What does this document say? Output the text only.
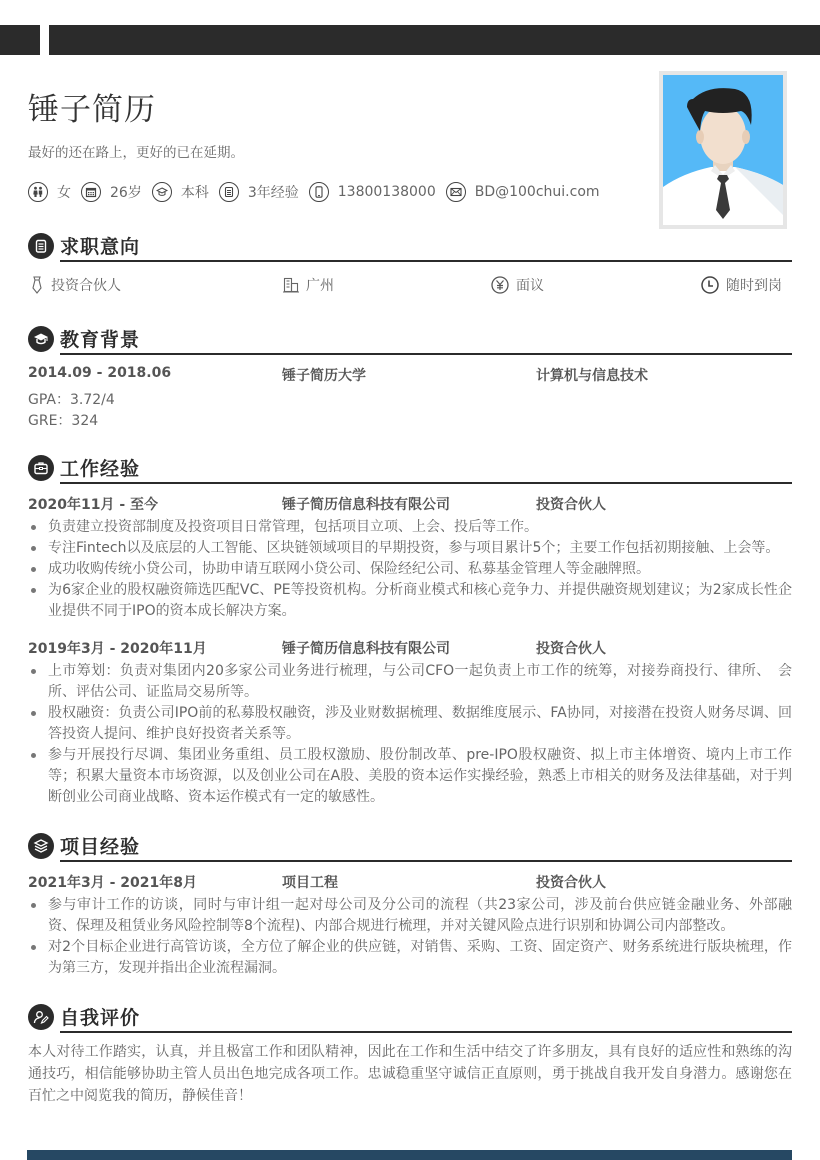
锤子简历
最好的还在路上，更好的已在延期。
女	26岁	本科	3年经验	13800138000	BD@100chui.com
求职意向
投资合伙人	广州	面议	随时到岗
教育背景
2014.09 - 2018.06	锤子简历大学	计算机与信息技术
GPA：3.72/4
GRE：324
工作经验
2020年11月 - 至今	锤子简历信息科技有限公司	投资合伙人
负责建立投资部制度及投资项目日常管理，包括项目立项、上会、投后等工作。
专注Fintech以及底层的人工智能、区块链领域项目的早期投资，参与项目累计5个；主要工作包括初期接触、上会等。
成功收购传统小贷公司，协助申请互联网小贷公司、保险经纪公司、私募基金管理人等金融牌照。
为6家企业的股权融资筛选匹配VC、PE等投资机构。分析商业模式和核心竞争力、并提供融资规划建议；为2家成长性企业提供不同于IPO的资本成长解决方案。
2019年3月 - 2020年11月	锤子简历信息科技有限公司	投资合伙人
上市筹划：负责对集团内20多家公司业务进行梳理，与公司CFO一起负责上市工作的统筹，对接券商投行、律所、　会所、评估公司、证监局交易所等。
股权融资：负责公司IPO前的私募股权融资，涉及业财数据梳理、数据维度展示、FA协同，对接潜在投资人财务尽调、回答投资人提问、维护良好投资者关系等。
参与开展投行尽调、集团业务重组、员工股权激励、股份制改革、pre-IPO股权融资、拟上市主体增资、境内上市工作等；积累大量资本市场资源，以及创业公司在A股、美股的资本运作实操经验，熟悉上市相关的财务及法律基础，对于判断创业公司商业战略、资本运作模式有一定的敏感性。
项目经验
2021年3月 - 2021年8月	项目工程	投资合伙人
参与审计工作的访谈，同时与审计组一起对母公司及分公司的流程（共23家公司，涉及前台供应链金融业务、外部融　资、保理及租赁业务风险控制等8个流程)、内部合规进行梳理，并对关键风险点进行识别和协调公司内部整改。
对2个目标企业进行高管访谈，全方位了解企业的供应链，对销售、采购、工资、固定资产、财务系统进行版块梳理，作为第三方，发现并指出企业流程漏洞。
自我评价
本人对待工作踏实，认真，并且极富工作和团队精神，因此在工作和生活中结交了许多朋友，具有良好的适应性和熟练的沟通技巧，相信能够协助主管人员出色地完成各项工作。忠诚稳重坚守诚信正直原则，勇于挑战自我开发自身潜力。感谢您在百忙之中阅览我的简历，静候佳音！
